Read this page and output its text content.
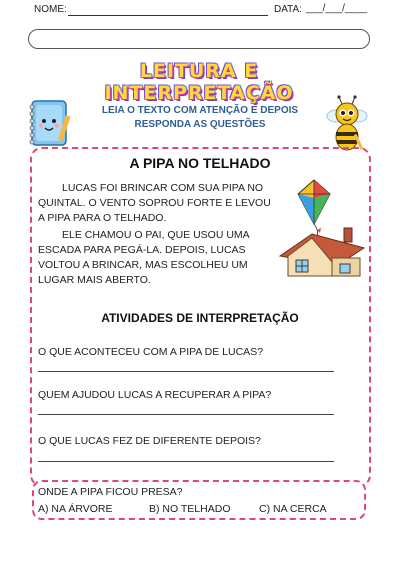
NOME:	DATA: ___/___/____
LEITURA E INTERPRETAÇÃO
LEIA O TEXTO COM ATENÇÃO E DEPOIS
RESPONDA AS QUESTÕES
A PIPA NO TELHADO
LUCAS FOI BRINCAR COM SUA PIPA NO QUINTAL. O VENTO SOPROU FORTE E LEVOU A PIPA PARA O TELHADO.
ELE CHAMOU O PAI, QUE USOU UMA ESCADA PARA PEGÁ-LA. DEPOIS, LUCAS VOLTOU A BRINCAR, MAS ESCOLHEU UM LUGAR MAIS ABERTO.
ATIVIDADES DE INTERPRETAÇÃO
O QUE ACONTECEU COM A PIPA DE LUCAS?
QUEM AJUDOU LUCAS A RECUPERAR A PIPA?
O QUE LUCAS FEZ DE DIFERENTE DEPOIS?
ONDE A PIPA FICOU PRESA?
A) NA ÁRVORE	B) NO TELHADO	C) NA CERCA
